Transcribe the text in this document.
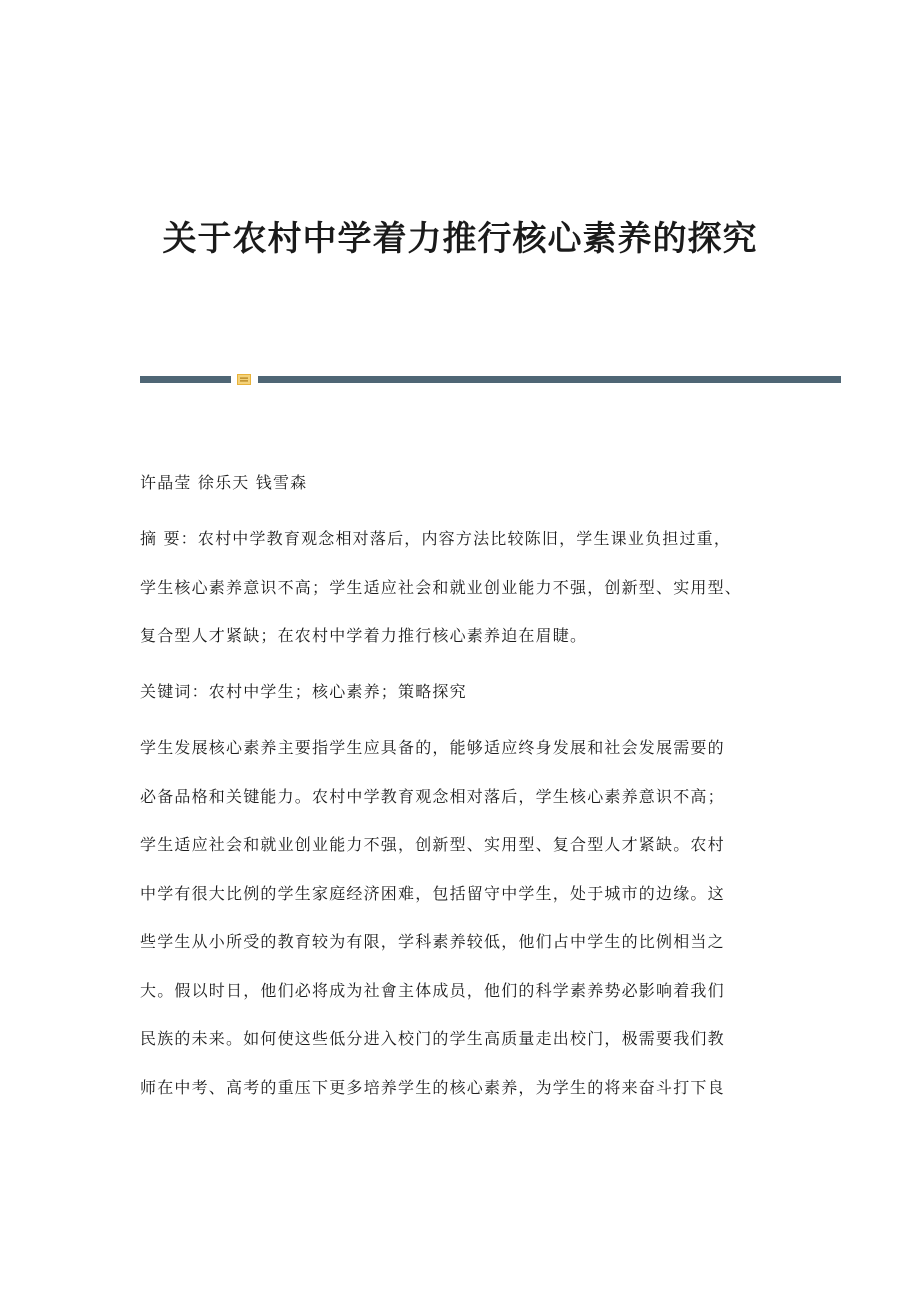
关于农村中学着力推行核心素养的探究

许晶莹 徐乐天 钱雪森

摘 要：农村中学教育观念相对落后，内容方法比较陈旧，学生课业负担过重，

学生核心素养意识不高；学生适应社会和就业创业能力不强，创新型、实用型、

复合型人才紧缺；在农村中学着力推行核心素养迫在眉睫。

关键词：农村中学生；核心素养；策略探究

学生发展核心素养主要指学生应具备的，能够适应终身发展和社会发展需要的

必备品格和关键能力。农村中学教育观念相对落后，学生核心素养意识不高；

学生适应社会和就业创业能力不强，创新型、实用型、复合型人才紧缺。农村

中学有很大比例的学生家庭经济困难，包括留守中学生，处于城市的边缘。这

些学生从小所受的教育较为有限，学科素养较低，他们占中学生的比例相当之

大。假以时日，他们必将成为社會主体成员，他们的科学素养势必影响着我们

民族的未来。如何使这些低分进入校门的学生高质量走出校门，极需要我们教

师在中考、高考的重压下更多培养学生的核心素养，为学生的将来奋斗打下良
